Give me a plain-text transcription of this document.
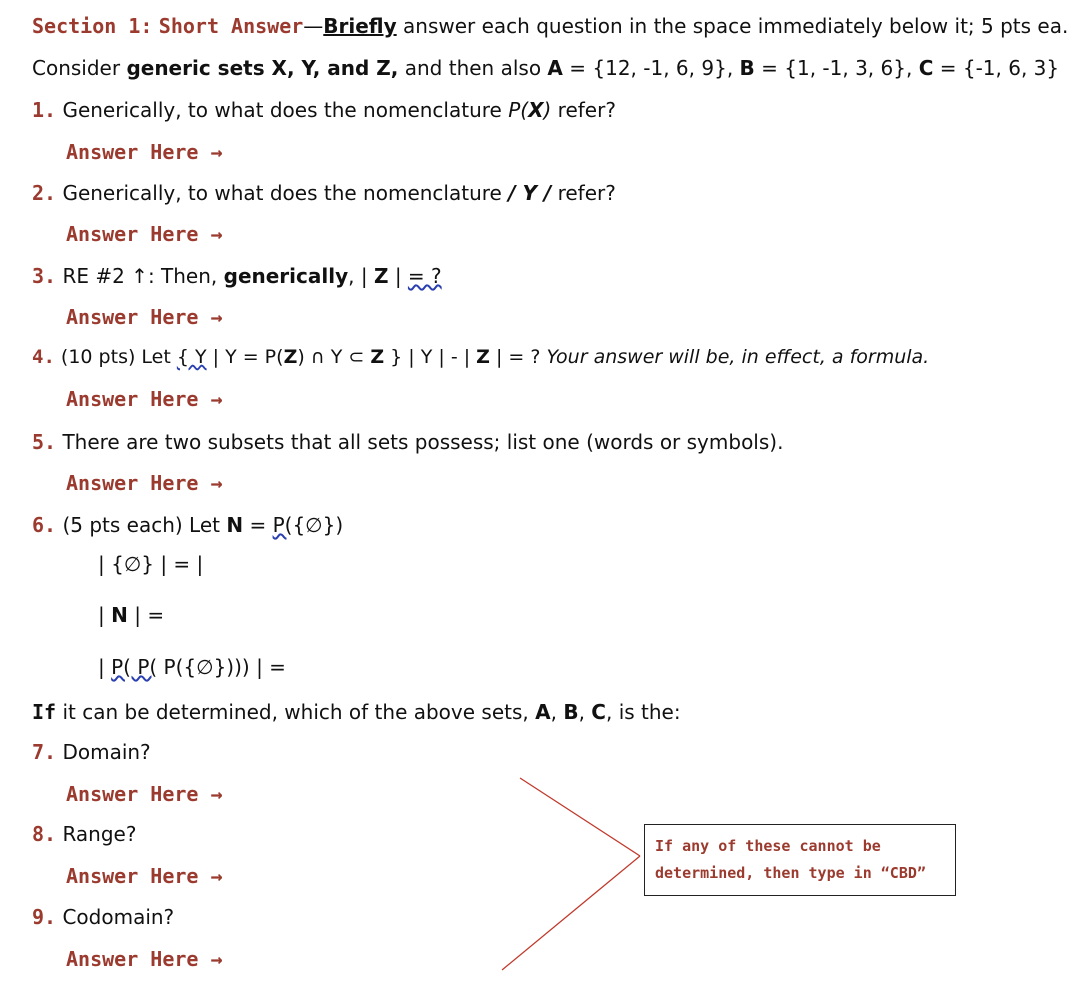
Section 1: Short Answer—Briefly answer each question in the space immediately below it; 5 pts ea.
Consider generic sets X, Y, and Z, and then also A = {12, -1, 6, 9}, B = {1, -1, 3, 6}, C = {-1, 6, 3}
1. Generically, to what does the nomenclature P(X) refer?
Answer Here →
2. Generically, to what does the nomenclature / Y / refer?
Answer Here →
3. RE #2 ↑: Then, generically, | Z | = ?
Answer Here →
4. (10 pts) Let { Y | Y = P(Z) ∩ Y ⊂ Z } | Y | - | Z | = ? Your answer will be, in effect, a formula.
Answer Here →
5. There are two subsets that all sets possess; list one (words or symbols).
Answer Here →
6. (5 pts each) Let N = P({∅})
| {∅} | = |
| N | =
| P( P( P({∅}))) | =
If it can be determined, which of the above sets, A, B, C, is the:
7. Domain?
Answer Here →
8. Range?
Answer Here →
9. Codomain?
Answer Here →
If any of these cannot be
determined, then type in “CBD”
